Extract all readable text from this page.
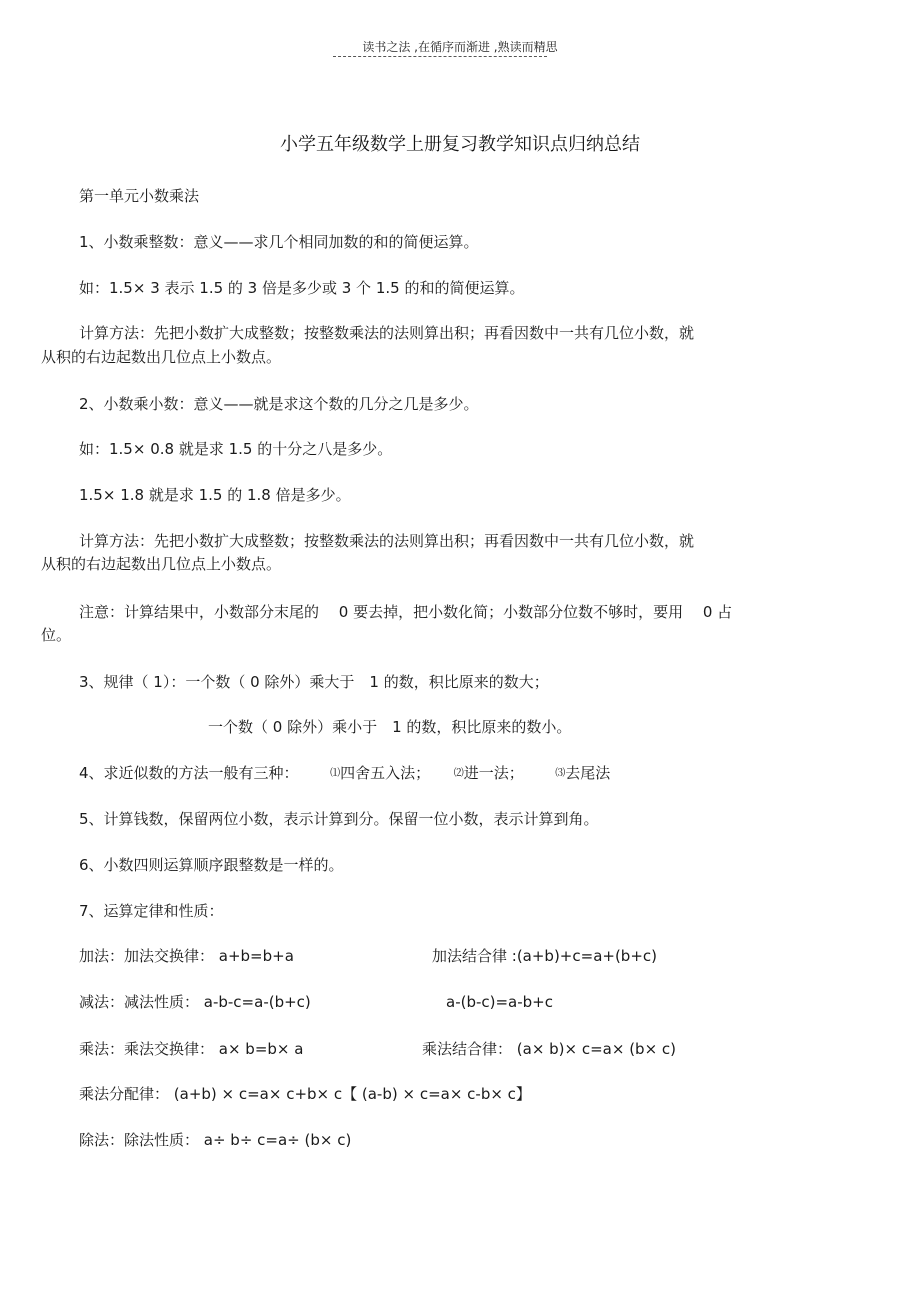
读书之法 ,在循序而渐进 ,熟读而精思
小学五年级数学上册复习教学知识点归纳总结
第一单元小数乘法
1、小数乘整数：意义——求几个相同加数的和的简便运算。
如：1.5× 3 表示 1.5 的 3 倍是多少或 3 个 1.5 的和的简便运算。
计算方法：先把小数扩大成整数；按整数乘法的法则算出积；再看因数中一共有几位小数，就
从积的右边起数出几位点上小数点。
2、小数乘小数：意义——就是求这个数的几分之几是多少。
如：1.5× 0.8 就是求 1.5 的十分之八是多少。
1.5× 1.8 就是求 1.5 的 1.8 倍是多少。
计算方法：先把小数扩大成整数；按整数乘法的法则算出积；再看因数中一共有几位小数，就
从积的右边起数出几位点上小数点。
注意：计算结果中，小数部分末尾的　 0 要去掉，把小数化简；小数部分位数不够时，要用　 0 占
位。
3、规律（ 1）：一个数（ 0 除外）乘大于　1 的数，积比原来的数大；
一个数（ 0 除外）乘小于　1 的数，积比原来的数小。
4、求近似数的方法一般有三种：	⑴四舍五入法； ⑵进一法；	⑶去尾法
5、计算钱数，保留两位小数，表示计算到分。保留一位小数，表示计算到角。
6、小数四则运算顺序跟整数是一样的。
7、运算定律和性质：
加法：加法交换律： a+b=b+a	加法结合律 :(a+b)+c=a+(b+c)
减法：减法性质： a-b-c=a-(b+c)	a-(b-c)=a-b+c
乘法：乘法交换律： a× b=b× a	乘法结合律： (a× b)× c=a× (b× c)
乘法分配律： (a+b) × c=a× c+b× c【 (a-b) × c=a× c-b× c】
除法：除法性质： a÷ b÷ c=a÷ (b× c)
